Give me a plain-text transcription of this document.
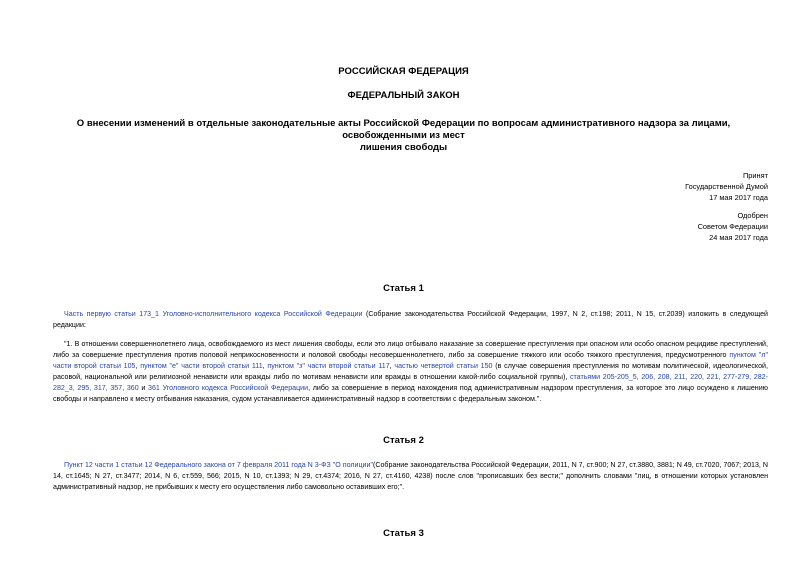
РОССИЙСКАЯ ФЕДЕРАЦИЯ
ФЕДЕРАЛЬНЫЙ ЗАКОН
О внесении изменений в отдельные законодательные акты Российской Федерации по вопросам административного надзора за лицами, освобожденными из мест
лишения свободы
Принят
Государственной Думой
17 мая 2017 года
Одобрен
Советом Федерации
24 мая 2017 года
Статья 1
Часть первую статьи 173_1 Уголовно-исполнительного кодекса Российской Федерации (Собрание законодательства Российской Федерации, 1997, N 2, ст.198; 2011, N 15, ст.2039) изложить в следующей редакции:
"1. В отношении совершеннолетнего лица, освобождаемого из мест лишения свободы, если это лицо отбывало наказание за совершение преступления при опасном или особо опасном рецидиве преступлений, либо за совершение преступления против половой неприкосновенности и половой свободы несовершеннолетнего, либо за совершение тяжкого или особо тяжкого преступления, предусмотренного пунктом "л" части второй статьи 105, пунктом "е" части второй статьи 111, пунктом "з" части второй статьи 117, частью четвертой статьи 150 (в случае совершения преступления по мотивам политической, идеологической, расовой, национальной или религиозной ненависти или вражды либо по мотивам ненависти или вражды в отношении какой-либо социальной группы), статьями 205-205_5, 206, 208, 211, 220, 221, 277-279, 282-282_3, 295, 317, 357, 360 и 361 Уголовного кодекса Российской Федерации, либо за совершение в период нахождения под административным надзором преступления, за которое это лицо осуждено к лишению свободы и направлено к месту отбывания наказания, судом устанавливается административный надзор в соответствии с федеральным законом.".
Статья 2
Пункт 12 части 1 статьи 12 Федерального закона от 7 февраля 2011 года N 3-ФЗ "О полиции"(Собрание законодательства Российской Федерации, 2011, N 7, ст.900; N 27, ст.3880, 3881; N 49, ст.7020, 7067; 2013, N 14, ст.1645; N 27, ст.3477; 2014, N 6, ст.559, 566; 2015, N 10, ст.1393; N 29, ст.4374; 2016, N 27, ст.4160, 4238) после слов "прописавших без вести;" дополнить словами "лиц, в отношении которых установлен административный надзор, не прибывших к месту его осуществления либо самовольно оставивших его;".
Статья 3
